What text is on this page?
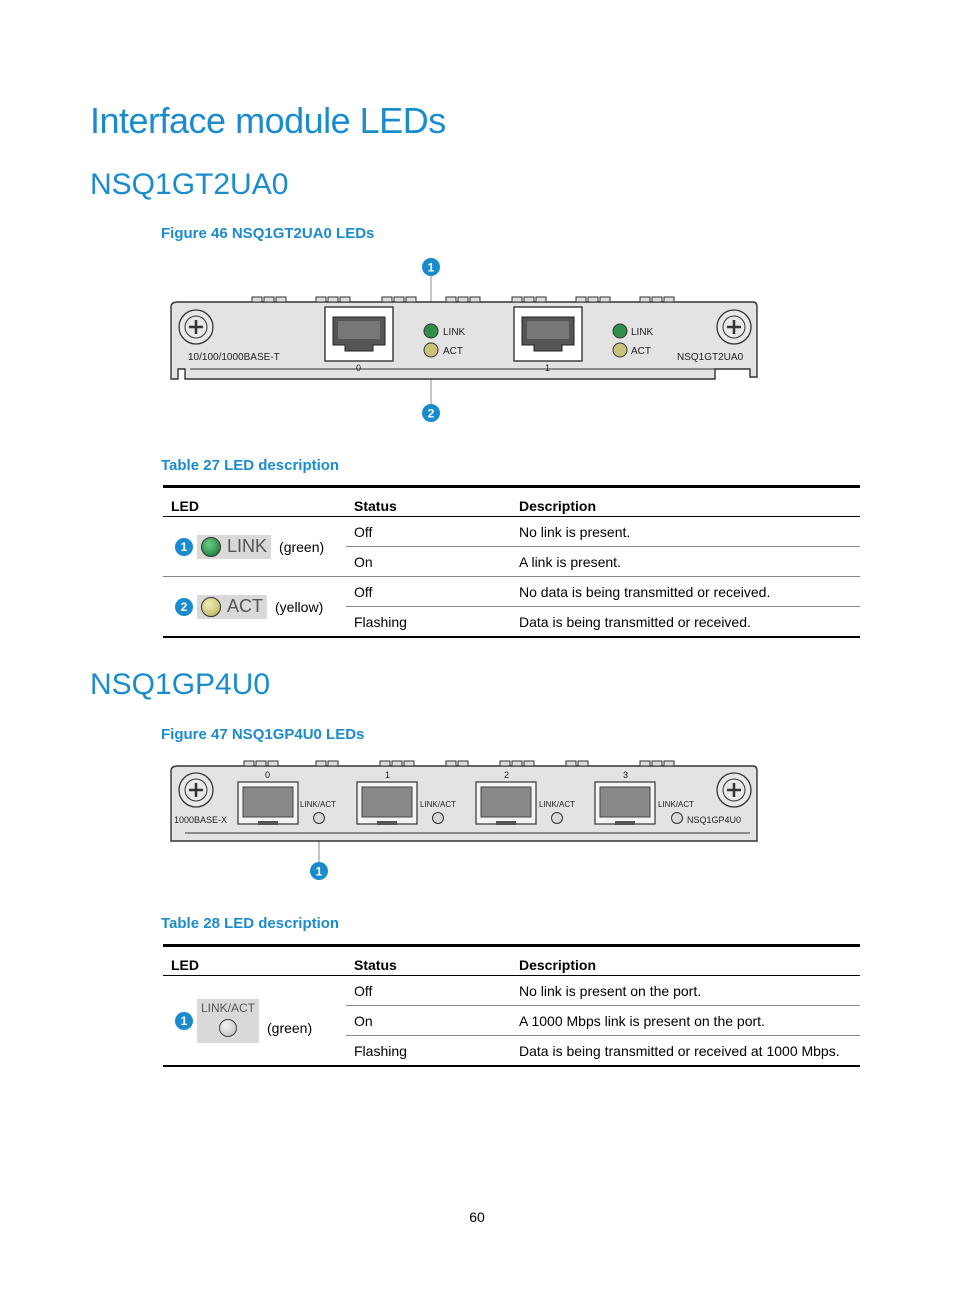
Interface module LEDs
NSQ1GT2UA0
Figure 46 NSQ1GT2UA0 LEDs
LINK
ACT
LINK
ACT
10/100/1000BASE-T	NSQ1GT2UA0
0	1
1
2
Table 27 LED description
LED	Status	Description

1 LINK (green)	Off	No link is present.
	On	A link is present.

2 ACT (yellow)	Off	No data is being transmitted or received.
	Flashing	Data is being transmitted or received.
NSQ1GP4U0
Figure 47 NSQ1GP4U0 LEDs
LINK/ACT	LINK/ACT	LINK/ACT	LINK/ACT
0	1	2	3
1000BASE-X	NSQ1GP4U0
1
Table 28 LED description
LED	Status	Description

1
LINK/ACT
(green)	Off	No link is present on the port.
	On	A 1000 Mbps link is present on the port.
	Flashing	Data is being transmitted or received at 1000 Mbps.
60
